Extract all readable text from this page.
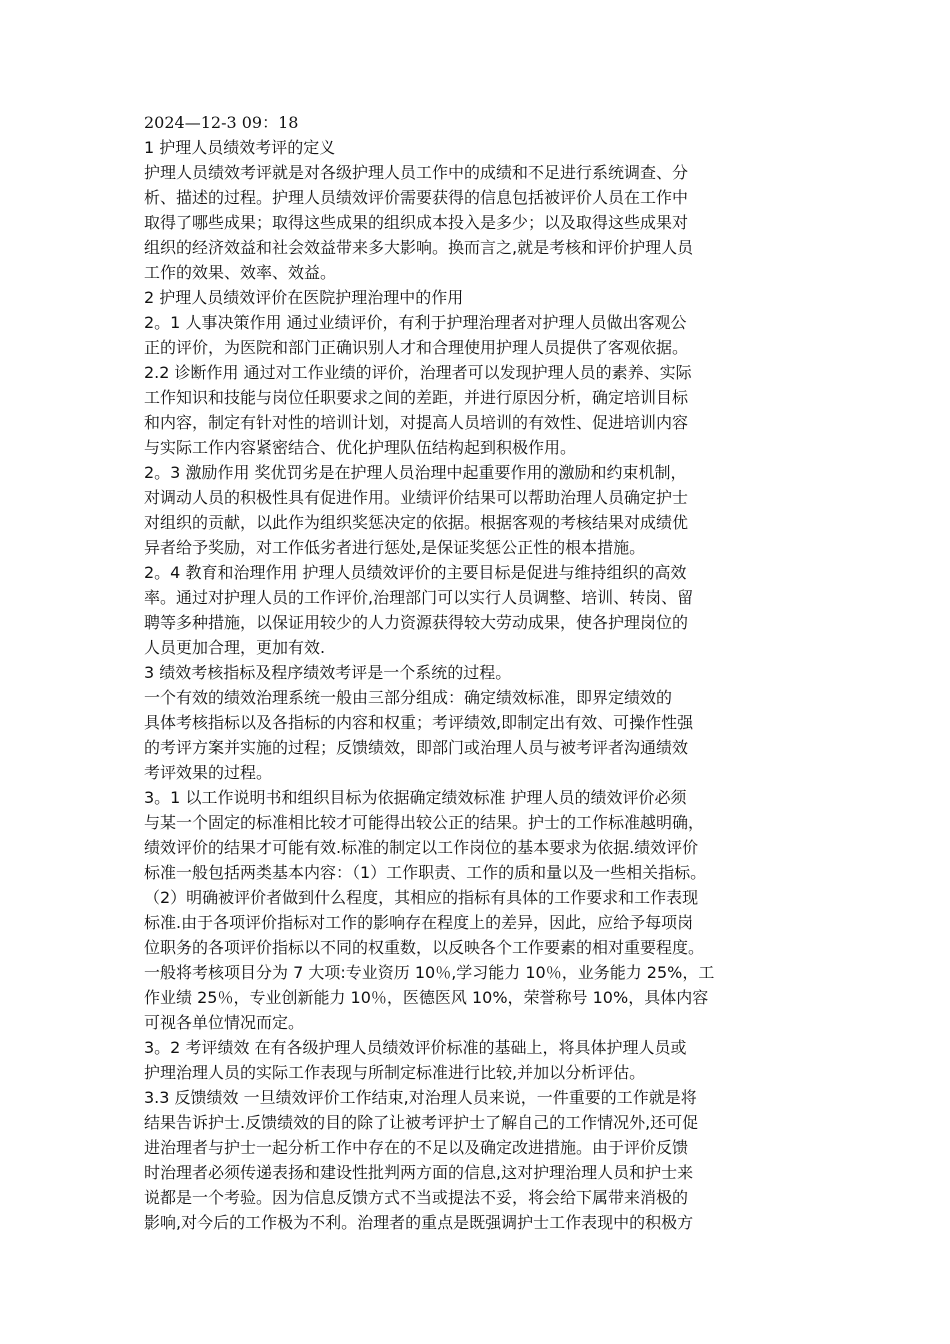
2024—12-3 09：18
1 护理人员绩效考评的定义
护理人员绩效考评就是对各级护理人员工作中的成绩和不足进行系统调查、分
析、描述的过程。护理人员绩效评价需要获得的信息包括被评价人员在工作中
取得了哪些成果；取得这些成果的组织成本投入是多少；以及取得这些成果对
组织的经济效益和社会效益带来多大影响。换而言之,就是考核和评价护理人员
工作的效果、效率、效益。
2 护理人员绩效评价在医院护理治理中的作用
2。1 人事决策作用 通过业绩评价，有利于护理治理者对护理人员做出客观公
正的评价，为医院和部门正确识别人才和合理使用护理人员提供了客观依据。
2.2 诊断作用 通过对工作业绩的评价，治理者可以发现护理人员的素养、实际
工作知识和技能与岗位任职要求之间的差距，并进行原因分析，确定培训目标
和内容，制定有针对性的培训计划，对提高人员培训的有效性、促进培训内容
与实际工作内容紧密结合、优化护理队伍结构起到积极作用。
2。3 激励作用 奖优罚劣是在护理人员治理中起重要作用的激励和约束机制，
对调动人员的积极性具有促进作用。业绩评价结果可以帮助治理人员确定护士
对组织的贡献，以此作为组织奖惩决定的依据。根据客观的考核结果对成绩优
异者给予奖励，对工作低劣者进行惩处,是保证奖惩公正性的根本措施。
2。4 教育和治理作用 护理人员绩效评价的主要目标是促进与维持组织的高效
率。通过对护理人员的工作评价,治理部门可以实行人员调整、培训、转岗、留
聘等多种措施，以保证用较少的人力资源获得较大劳动成果，使各护理岗位的
人员更加合理，更加有效.
3 绩效考核指标及程序绩效考评是一个系统的过程。
一个有效的绩效治理系统一般由三部分组成：确定绩效标准，即界定绩效的
具体考核指标以及各指标的内容和权重；考评绩效,即制定出有效、可操作性强
的考评方案并实施的过程；反馈绩效，即部门或治理人员与被考评者沟通绩效
考评效果的过程。
3。1 以工作说明书和组织目标为依据确定绩效标准 护理人员的绩效评价必须
与某一个固定的标准相比较才可能得出较公正的结果。护士的工作标准越明确，
绩效评价的结果才可能有效.标准的制定以工作岗位的基本要求为依据.绩效评价
标准一般包括两类基本内容：（1）工作职责、工作的质和量以及一些相关指标。
（2）明确被评价者做到什么程度，其相应的指标有具体的工作要求和工作表现
标准.由于各项评价指标对工作的影响存在程度上的差异，因此，应给予每项岗
位职务的各项评价指标以不同的权重数，以反映各个工作要素的相对重要程度。
一般将考核项目分为 7 大项:专业资历 10％,学习能力 10％，业务能力 25%，工
作业绩 25％，专业创新能力 10％，医德医风 10%，荣誉称号 10%，具体内容
可视各单位情况而定。
3。2 考评绩效 在有各级护理人员绩效评价标准的基础上，将具体护理人员或
护理治理人员的实际工作表现与所制定标准进行比较,并加以分析评估。
3.3 反馈绩效 一旦绩效评价工作结束,对治理人员来说，一件重要的工作就是将
结果告诉护士.反馈绩效的目的除了让被考评护士了解自己的工作情况外,还可促
进治理者与护士一起分析工作中存在的不足以及确定改进措施。由于评价反馈
时治理者必须传递表扬和建设性批判两方面的信息,这对护理治理人员和护士来
说都是一个考验。因为信息反馈方式不当或提法不妥，将会给下属带来消极的
影响,对今后的工作极为不利。治理者的重点是既强调护士工作表现中的积极方
